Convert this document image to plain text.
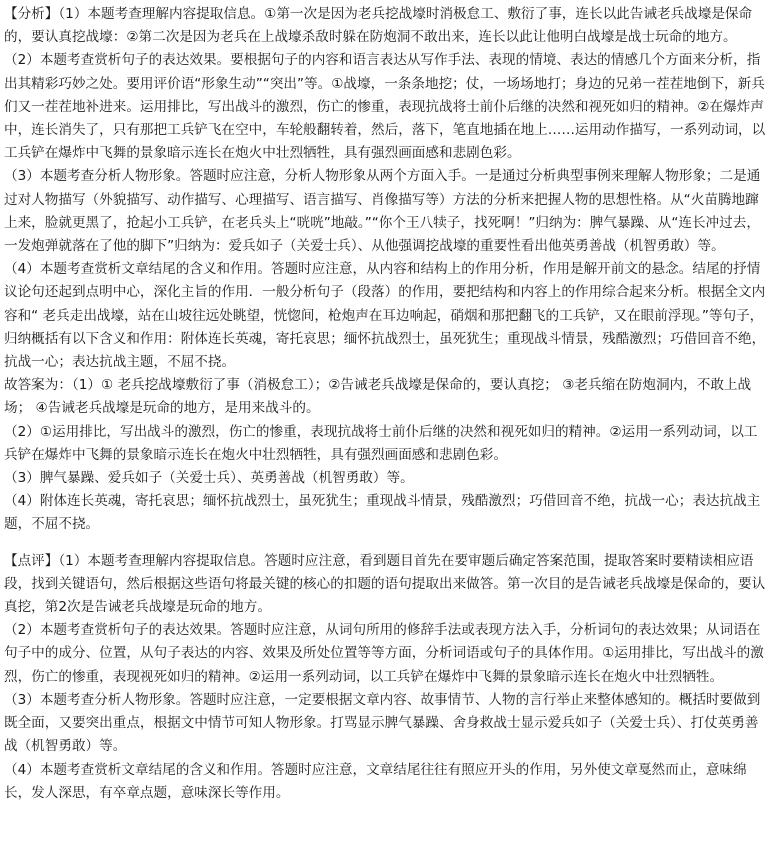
【分析】（1）本题考查理解内容提取信息。①第一次是因为老兵挖战壕时消极怠工、敷衍了事，连长以此告诫老兵战壕是保命的，要认真挖战壕：②第二次是因为老兵在上战壕杀敌时躲在防炮洞不敢出来，连长以此让他明白战壕是战士玩命的地方。

（2）本题考查赏析句子的表达效果。要根据句子的内容和语言表达从写作手法、表现的情境、表达的情感几个方面来分析，指出其精彩巧妙之处。要用评价语“形象生动”“突出”等。①战壕，一条条地挖；仗，一场场地打；身边的兄弟一茬茬地倒下，新兵们又一茬茬地补进来。运用排比，写出战斗的激烈，伤亡的惨重，表现抗战将士前仆后继的决然和视死如归的精神。②在爆炸声中，连长消失了，只有那把工兵铲飞在空中，车轮般翻转着，然后，落下，笔直地插在地上……运用动作描写，一系列动词，以工兵铲在爆炸中飞舞的景象暗示连长在炮火中壮烈牺牲，具有强烈画面感和悲剧色彩。

（3）本题考查分析人物形象。答题时应注意，分析人物形象从两个方面入手。一是通过分析典型事例来理解人物形象；二是通过对人物描写（外貌描写、动作描写、心理描写、语言描写、肖像描写等）方法的分析来把握人物的思想性格。从“火苗腾地蹿上来，脸就更黑了，抢起小工兵铲，在老兵头上“咣咣”地敲。”“你个王八犊子，找死啊！”归纳为：脾气暴躁、从“连长冲过去，一发炮弹就落在了他的脚下”归纳为：爱兵如子（关爱士兵）、从他强调挖战壕的重要性看出他英勇善战（机智勇敢）等。

（4）本题考查赏析文章结尾的含义和作用。答题时应注意，从内容和结构上的作用分析，作用是解开前文的悬念。结尾的抒情议论句还起到点明中心，深化主旨的作用．一般分析句子（段落）的作用，要把结构和内容上的作用综合起来分析。根据全文内容和“ 老兵走出战壕，站在山坡往远处眺望，恍惚间，枪炮声在耳边响起，硝烟和那把翻飞的工兵铲，又在眼前浮现。”等句子，归纳概括有以下含义和作用：附体连长英魂，寄托哀思；缅怀抗战烈士，虽死犹生；重现战斗情景，残酷激烈；巧借回音不绝，抗战一心；表达抗战主题，不屈不挠。

故答案为：（1）① 老兵挖战壕敷衍了事（消极怠工）；②告诫老兵战壕是保命的，要认真挖； ③老兵缩在防炮洞内，不敢上战场； ④告诫老兵战壕是玩命的地方，是用来战斗的。

（2）①运用排比，写出战斗的激烈，伤亡的惨重，表现抗战将士前仆后继的决然和视死如归的精神。②运用一系列动词，以工兵铲在爆炸中飞舞的景象暗示连长在炮火中壮烈牺牲，具有强烈画面感和悲剧色彩。

（3）脾气暴躁、爱兵如子（关爱士兵）、英勇善战（机智勇敢）等。

（4）附体连长英魂，寄托哀思；缅怀抗战烈士，虽死犹生；重现战斗情景，残酷激烈；巧借回音不绝，抗战一心；表达抗战主题，不屈不挠。

【点评】（1）本题考查理解内容提取信息。答题时应注意，看到题目首先在要审题后确定答案范围，提取答案时要精读相应语段，找到关键语句，然后根据这些语句将最关键的核心的扣题的语句提取出来做答。第一次目的是告诫老兵战壕是保命的，要认真挖，第2次是告诫老兵战壕是玩命的地方。

（2）本题考查赏析句子的表达效果。答题时应注意，从词句所用的修辞手法或表现方法入手，分析词句的表达效果；从词语在句子中的成分、位置，从句子表达的内容、效果及所处位置等等方面，分析词语或句子的具体作用。①运用排比，写出战斗的激烈，伤亡的惨重，表现视死如归的精神。②运用一系列动词，以工兵铲在爆炸中飞舞的景象暗示连长在炮火中壮烈牺牲。

（3）本题考查分析人物形象。答题时应注意，一定要根据文章内容、故事情节、人物的言行举止来整体感知的。概括时要做到既全面，又要突出重点，根据文中情节可知人物形象。打骂显示脾气暴躁、舍身救战士显示爱兵如子（关爱士兵）、打仗英勇善战（机智勇敢）等。

（4）本题考查赏析文章结尾的含义和作用。答题时应注意，文章结尾往往有照应开头的作用，另外使文章戛然而止，意味绵长，发人深思，有卒章点题，意味深长等作用。
